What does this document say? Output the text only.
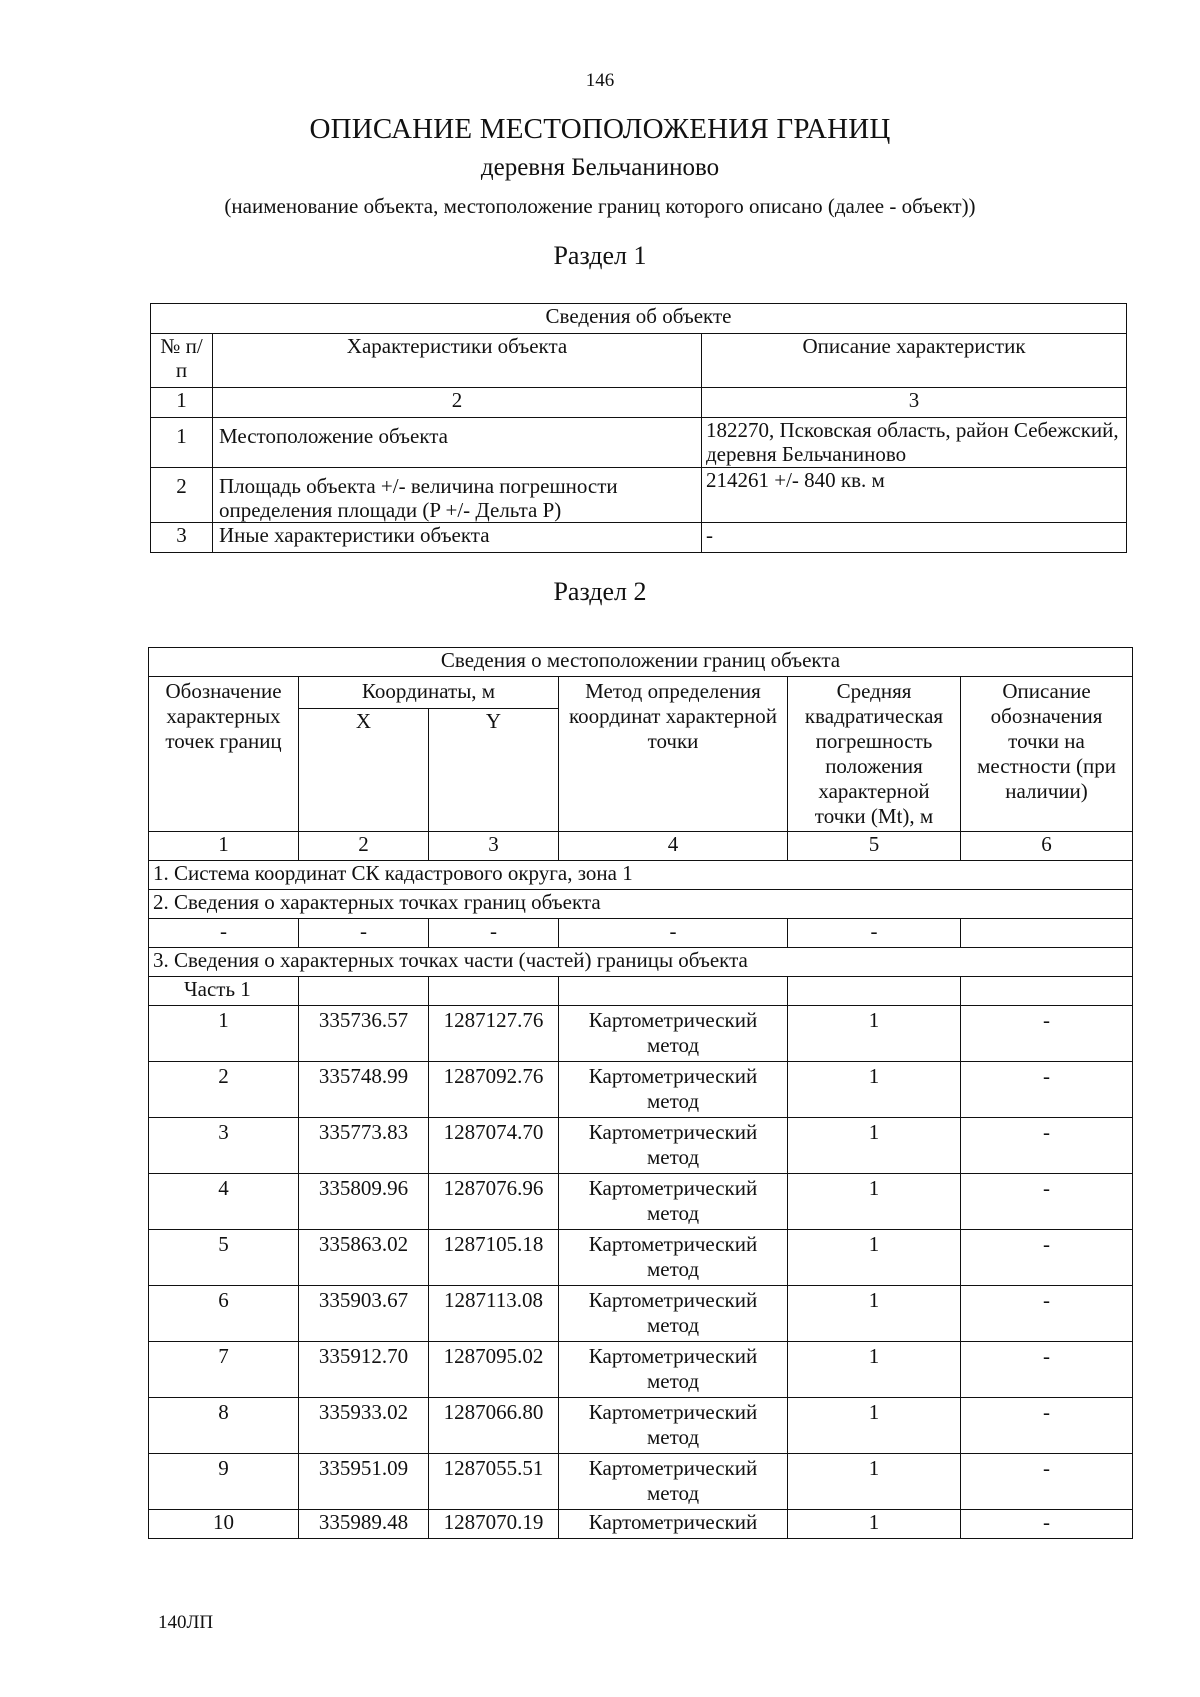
146
ОПИСАНИЕ МЕСТОПОЛОЖЕНИЯ ГРАНИЦ
деревня Бельчаниново
(наименование объекта, местоположение границ которого описано (далее - объект))
Раздел 1
Сведения об объекте		
№ п/п	Характеристики объекта	Описание характеристик
1	2	3
1	Местоположение объекта	182270, Псковская область, район Себежский, деревня Бельчаниново
2	Площадь объекта +/- величина погрешности определения площади (P +/- Дельта P)	214261 +/- 840 кв. м
3	Иные характеристики объекта	-
Раздел 2
Сведения о местоположении границ объекта					
Обозначение характерных точек границ	Координаты, м		Метод определения координат характерной точки	Средняя квадратическая погрешность положения характерной точки (Mt), м	Описание обозначения точки на местности (при наличии)
	X	Y			
1	2	3	4	5	6
1. Система координат СК кадастрового округа, зона 1					
2. Сведения о характерных точках границ объекта					
-	-	-	-	-	
3. Сведения о характерных точках части (частей) границы объекта					
Часть 1					
1	335736.57	1287127.76	Картометрический метод	1	-
2	335748.99	1287092.76	Картометрический метод	1	-
3	335773.83	1287074.70	Картометрический метод	1	-
4	335809.96	1287076.96	Картометрический метод	1	-
5	335863.02	1287105.18	Картометрический метод	1	-
6	335903.67	1287113.08	Картометрический метод	1	-
7	335912.70	1287095.02	Картометрический метод	1	-
8	335933.02	1287066.80	Картометрический метод	1	-
9	335951.09	1287055.51	Картометрический метод	1	-
10	335989.48	1287070.19	Картометрический	1	-
140ЛП
